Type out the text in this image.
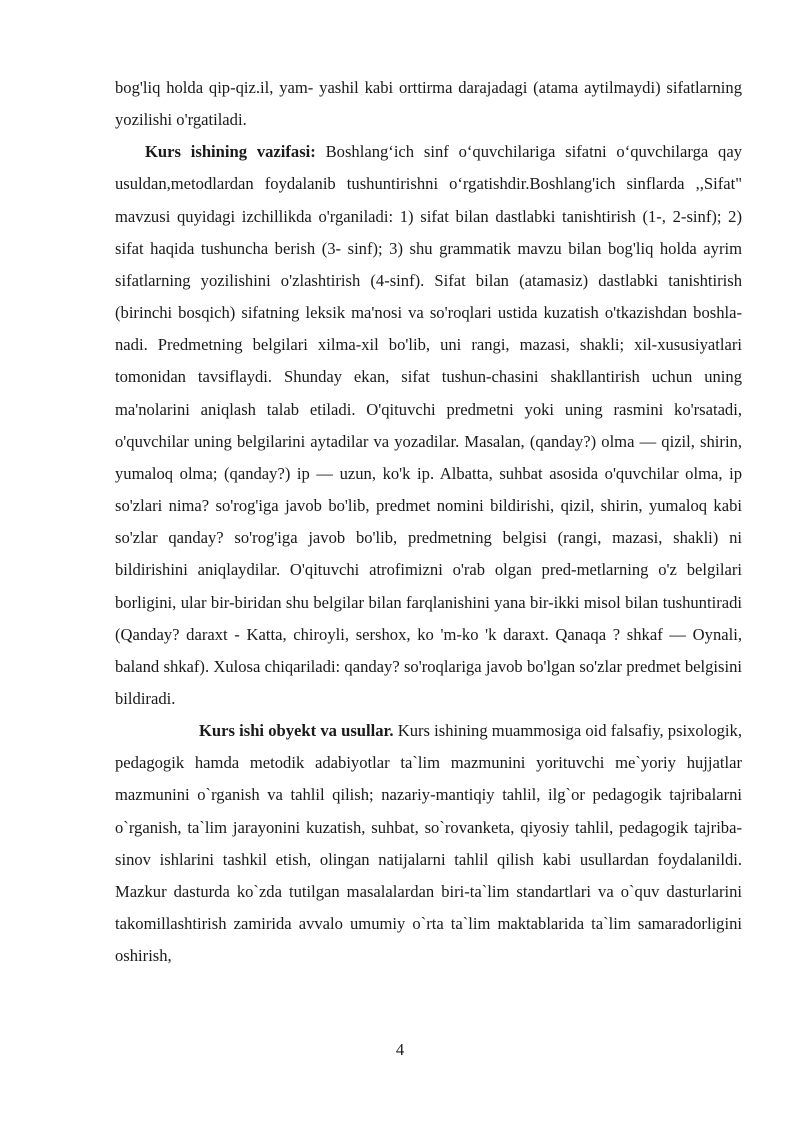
bog'liq holda qip-qiz.il, yam- yashil kabi orttirma darajadagi (atama aytilmaydi) sifatlarning yozilishi o'rgatiladi.

Kurs ishining vazifasi: Boshlang‘ich sinf o‘quvchilariga sifatni o‘quvchilarga qay usuldan,metodlardan foydalanib tushuntirishni o‘rgatishdir.Boshlang'ich sinflarda ,,Sifat" mavzusi quyidagi izchillikda o'rganiladi: 1) sifat bilan dastlabki tanishtirish (1-, 2-sinf); 2) sifat haqida tushuncha berish (3- sinf); 3) shu grammatik mavzu bilan bog'liq holda ayrim sifatlarning yozilishini o'zlashtirish (4-sinf). Sifat bilan (atamasiz) dastlabki tanishtirish (birinchi bosqich) sifatning leksik ma'nosi va so'roqlari ustida kuzatish o'tkazishdan boshla-nadi. Predmetning belgilari xilma-xil bo'lib, uni rangi, mazasi, shakli; xil-xususiyatlari tomonidan tavsiflaydi. Shunday ekan, sifat tushun-chasini shakllantirish uchun uning ma'nolarini aniqlash talab etiladi. O'qituvchi predmetni yoki uning rasmini ko'rsatadi, o'quvchilar uning belgilarini aytadilar va yozadilar. Masalan, (qanday?) olma — qizil, shirin, yumaloq olma; (qanday?) ip — uzun, ko'k ip. Albatta, suhbat asosida o'quvchilar olma, ip so'zlari nima? so'rog'iga javob bo'lib, predmet nomini bildirishi, qizil, shirin, yumaloq kabi so'zlar qanday? so'rog'iga javob bo'lib, predmetning belgisi (rangi, mazasi, shakli) ni bildirishini aniqlaydilar. O'qituvchi atrofimizni o'rab olgan pred-metlarning o'z belgilari borligini, ular bir-biridan shu belgilar bilan farqlanishini yana bir-ikki misol bilan tushuntiradi (Qanday? daraxt - Katta, chiroyli, sershox, ko 'm-ko 'k daraxt. Qanaqa ? shkaf — Oynali, baland shkaf). Xulosa chiqariladi: qanday? so'roqlariga javob bo'lgan so'zlar predmet belgisini bildiradi.

Kurs ishi obyekt va usullar. Kurs ishining muammosiga oid falsafiy, psixologik, pedagogik hamda metodik adabiyotlar ta`lim mazmunini yorituvchi me`yoriy hujjatlar mazmunini o`rganish va tahlil qilish; nazariy-mantiqiy tahlil, ilg`or pedagogik tajribalarni o`rganish, ta`lim jarayonini kuzatish, suhbat, so`rovanketa, qiyosiy tahlil, pedagogik tajriba-sinov ishlarini tashkil etish, olingan natijalarni tahlil qilish kabi usullardan foydalanildi. Mazkur dasturda ko`zda tutilgan masalalardan biri-ta`lim standartlari va o`quv dasturlarini takomillashtirish zamirida avvalo umumiy o`rta ta`lim maktablarida ta`lim samaradorligini oshirish,

4
